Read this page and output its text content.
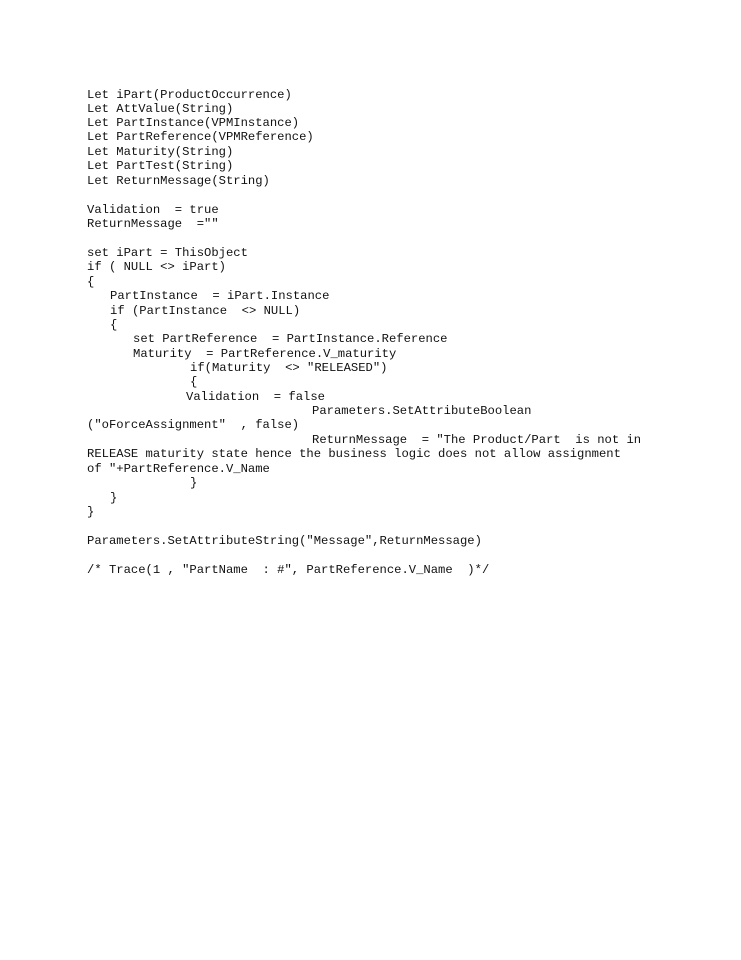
Let iPart(ProductOccurrence)

Let AttValue(String)

Let PartInstance(VPMInstance)

Let PartReference(VPMReference)

Let Maturity(String)

Let PartTest(String)

Let ReturnMessage(String)

Validation  = true

ReturnMessage  =""

set iPart = ThisObject

if ( NULL <> iPart)

{

PartInstance  = iPart.Instance

if (PartInstance  <> NULL)

{

set PartReference  = PartInstance.Reference

Maturity  = PartReference.V_maturity

if(Maturity  <> "RELEASED")

{

Validation  = false

Parameters.SetAttributeBoolean

("oForceAssignment"  , false)

ReturnMessage  = "The Product/Part  is not in

RELEASE maturity state hence the business logic does not allow assignment

of "+PartReference.V_Name

}

}

}

Parameters.SetAttributeString("Message",ReturnMessage)

/* Trace(1 , "PartName  : #", PartReference.V_Name  )*/
